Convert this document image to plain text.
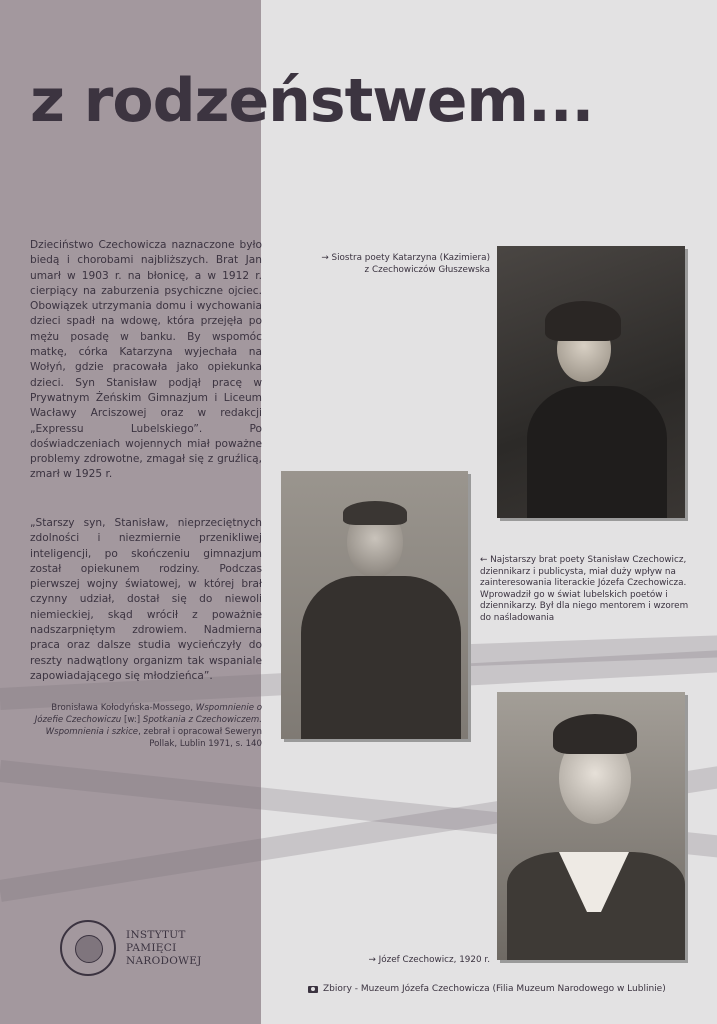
z rodzeństwem...

Dzieciństwo Czechowicza naznaczone było biedą i chorobami najbliższych. Brat Jan umarł w 1903 r. na błonicę, a w 1912 r. cierpiący na zaburzenia psychiczne ojciec. Obowiązek utrzymania domu i wychowania dzieci spadł na wdowę, która przejęła po mężu posadę w banku. By wspomóc matkę, córka Katarzyna wyjechała na Wołyń, gdzie pracowała jako opiekunka dzieci. Syn Stanisław podjął pracę w Prywatnym Żeńskim Gimnazjum i Liceum Wacławy Arciszowej oraz w redakcji „Expressu Lubelskiego”. Po doświadczeniach wojennych miał poważne problemy zdrowotne, zmagał się z gruźlicą, zmarł w 1925 r.

„Starszy syn, Stanisław, nieprzeciętnych zdolności i niezmiernie przenikliwej inteligencji, po skończeniu gimnazjum został opiekunem rodziny. Podczas pierwszej wojny światowej, w której brał czynny udział, dostał się do niewoli niemieckiej, skąd wrócił z poważnie nadszarpniętym zdrowiem. Nadmierna praca oraz dalsze studia wycieńczyły do reszty nadwątlony organizm tak wspaniale zapowiadającego się młodzieńca”.

Bronisława Kołodyńska-Mossego, Wspomnienie o Józefie Czechowiczu [w:] Spotkania z Czechowiczem. Wspomnienia i szkice, zebrał i opracował Seweryn Pollak, Lublin 1971, s. 140
→ Siostra poety Katarzyna (Kazimiera)
z Czechowiczów Głuszewska
← Najstarszy brat poety Stanisław Czechowicz, dziennikarz i publicysta, miał duży wpływ na zainteresowania literackie Józefa Czechowicza. Wprowadził go w świat lubelskich poetów i dziennikarzy. Był dla niego mentorem i wzorem do naśladowania
→ Józef Czechowicz, 1920 r.
INSTYTUT
PAMIĘCI
NARODOWEJ
Zbiory - Muzeum Józefa Czechowicza (Filia Muzeum Narodowego w Lublinie)
